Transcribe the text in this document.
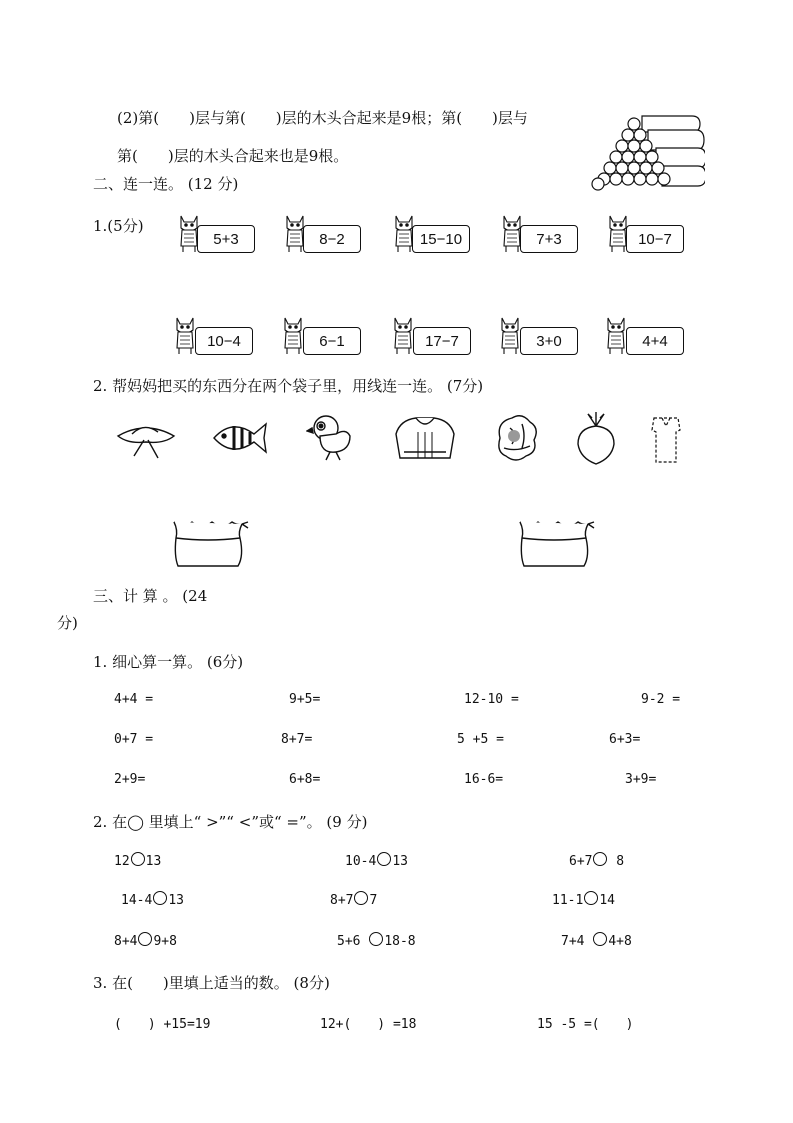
(2)第(　　)层与第(　　)层的木头合起来是9根；第(　　)层与
第(　　)层的木头合起来也是9根。
二、连一连。 (12 分)
1.(5分)
5+3	8−2	15−10	7+3	10−7
10−4	6−1	17−7	3+0	4+4
2. 帮妈妈把买的东西分在两个袋子里，用线连一连。 (7分)
三、计 算 。 (24
分)
1. 细心算一算。 (6分)
4+4 =	9+5=	12-10 =	9-2 =
0+7 =	8+7=	5 +5 =	6+3=
2+9=	6+8=	16-6=	3+9=
2. 在◯ 里填上“ >”“ <”或“ =”。 (9 分)
12 13	10-4 13	6+7 8
14-4 13	8+7 7	11-1 14
8+4 9+8	5+6 18-8	7+4 4+8
3. 在(　　)里填上适当的数。 (8分)
(　　) +15=19	12+(　　) =18	15 -5 =(　　)
